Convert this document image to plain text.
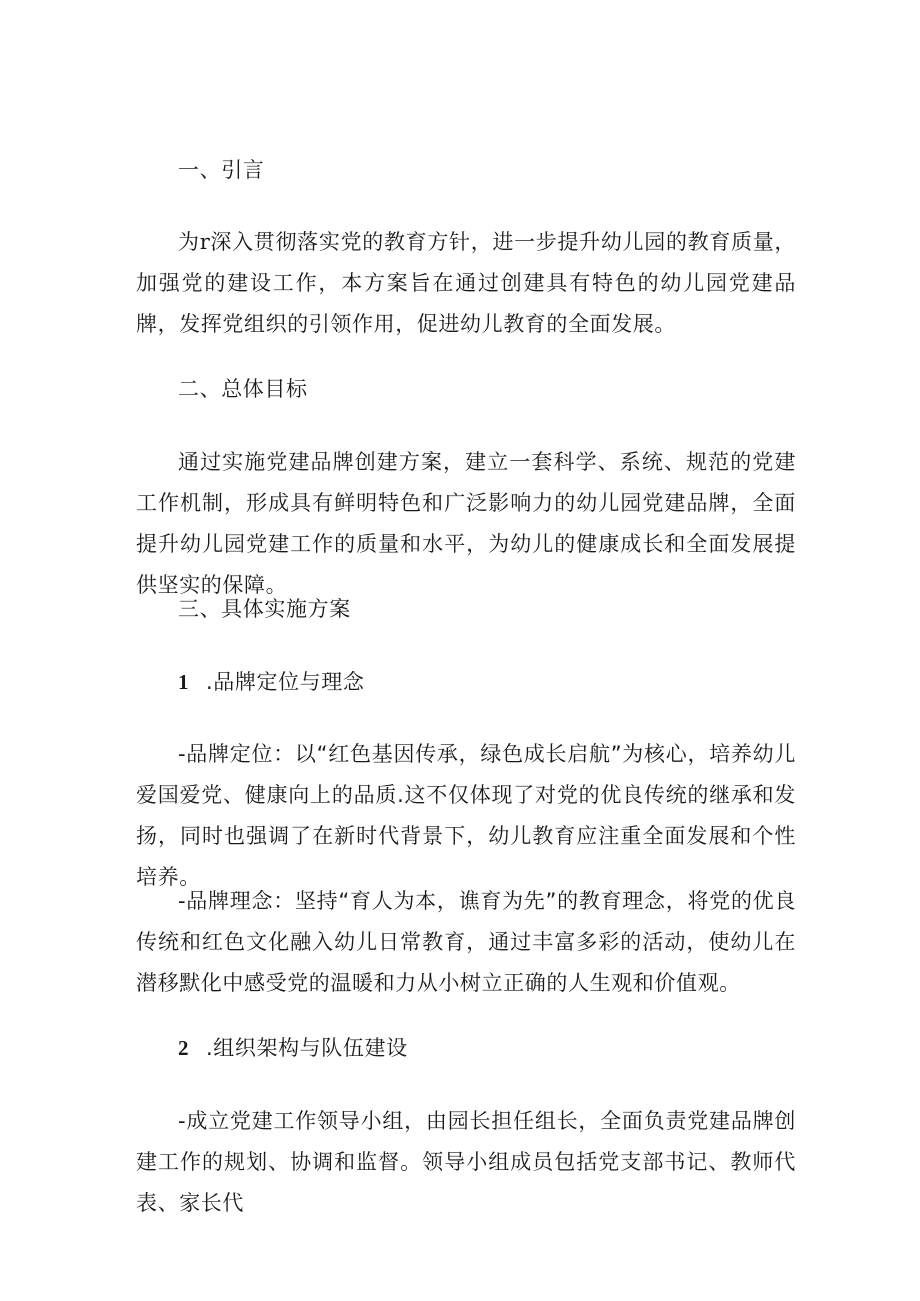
一、引言
为r深入贯彻落实党的教育方针，进一步提升幼儿园的教育质量，加强党的建设工作，本方案旨在通过创建具有特色的幼儿园党建品牌，发挥党组织的引领作用，促进幼儿教育的全面发展。
二、总体目标
通过实施党建品牌创建方案，建立一套科学、系统、规范的党建工作机制，形成具有鲜明特色和广泛影响力的幼儿园党建品牌，全面提升幼儿园党建工作的质量和水平，为幼儿的健康成长和全面发展提供坚实的保障。
三、具体实施方案
1 .品牌定位与理念
-品牌定位：以“红色基因传承，绿色成长启航”为核心，培养幼儿爱国爱党、健康向上的品质.这不仅体现了对党的优良传统的继承和发扬，同时也强调了在新时代背景下，幼儿教育应注重全面发展和个性培养。
-品牌理念：坚持“育人为本，谯育为先”的教育理念，将党的优良传统和红色文化融入幼儿日常教育，通过丰富多彩的活动，使幼儿在潜移默化中感受党的温暖和力从小树立正确的人生观和价值观。
2 .组织架构与队伍建设
-成立党建工作领导小组，由园长担任组长，全面负责党建品牌创建工作的规划、协调和监督。领导小组成员包括党支部书记、教师代表、家长代
